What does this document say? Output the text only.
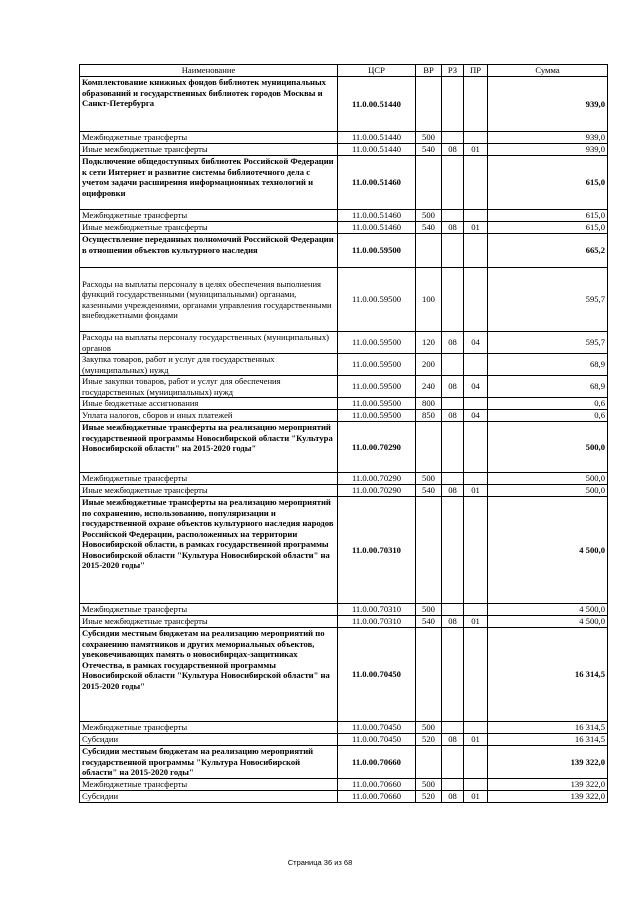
Наименование	ЦСР	ВР	РЗ	ПР	Сумма
Комплектование книжных фондов библиотек муниципальных образований и государственных библиотек городов Москвы и Санкт-Петербурга	11.0.00.51440				939,0
Межбюджетные трансферты	11.0.00.51440	500			939,0
Иные межбюджетные трансферты	11.0.00.51440	540	08	01	939,0
Подключение общедоступных библиотек Российской Федерации к сети Интернет и развитие системы библиотечного дела с учетом задачи расширения информационных технологий и оцифровки	11.0.00.51460				615,0
Межбюджетные трансферты	11.0.00.51460	500			615,0
Иные межбюджетные трансферты	11.0.00.51460	540	08	01	615,0
Осуществление переданных полномочий Российской Федерации в отношении объектов культурного наследия	11.0.00.59500				665,2
Расходы на выплаты персоналу в целях обеспечения выполнения функций государственными (муниципальными) органами, казенными учреждениями, органами управления государственными внебюджетными фондами	11.0.00.59500	100			595,7
Расходы на выплаты персоналу государственных (муниципальных) органов	11.0.00.59500	120	08	04	595,7
Закупка товаров, работ и услуг для государственных (муниципальных) нужд	11.0.00.59500	200			68,9
Иные закупки товаров, работ и услуг для обеспечения государственных (муниципальных) нужд	11.0.00.59500	240	08	04	68,9
Иные бюджетные ассигнования	11.0.00.59500	800			0,6
Уплата налогов, сборов и иных платежей	11.0.00.59500	850	08	04	0,6
Иные межбюджетные трансферты на реализацию мероприятий государственной программы Новосибирской области "Культура Новосибирской области" на 2015-2020 годы"	11.0.00.70290				500,0
Межбюджетные трансферты	11.0.00.70290	500			500,0
Иные межбюджетные трансферты	11.0.00.70290	540	08	01	500,0
Иные межбюджетные трансферты на реализацию мероприятий по сохранению, использованию, популяризации и государственной охране объектов культурного наследия народов Российской Федерации, расположенных на территории Новосибирской области, в рамках государственной программы Новосибирской области "Культура Новосибирской области" на 2015-2020 годы"	11.0.00.70310				4 500,0
Межбюджетные трансферты	11.0.00.70310	500			4 500,0
Иные межбюджетные трансферты	11.0.00.70310	540	08	01	4 500,0
Субсидии местным бюджетам на реализацию мероприятий по сохранению памятников и других мемориальных объектов, увековечивающих память о новосибирцах-защитниках Отечества, в рамках государственной программы Новосибирской области "Культура Новосибирской области" на 2015-2020 годы"	11.0.00.70450				16 314,5
Межбюджетные трансферты	11.0.00.70450	500			16 314,5
Субсидии	11.0.00.70450	520	08	01	16 314,5
Субсидии местным бюджетам на реализацию мероприятий государственной программы "Культура Новосибирской области" на 2015-2020 годы"	11.0.00.70660				139 322,0
Межбюджетные трансферты	11.0.00.70660	500			139 322,0
Субсидии	11.0.00.70660	520	08	01	139 322,0
Страница 36 из 68
